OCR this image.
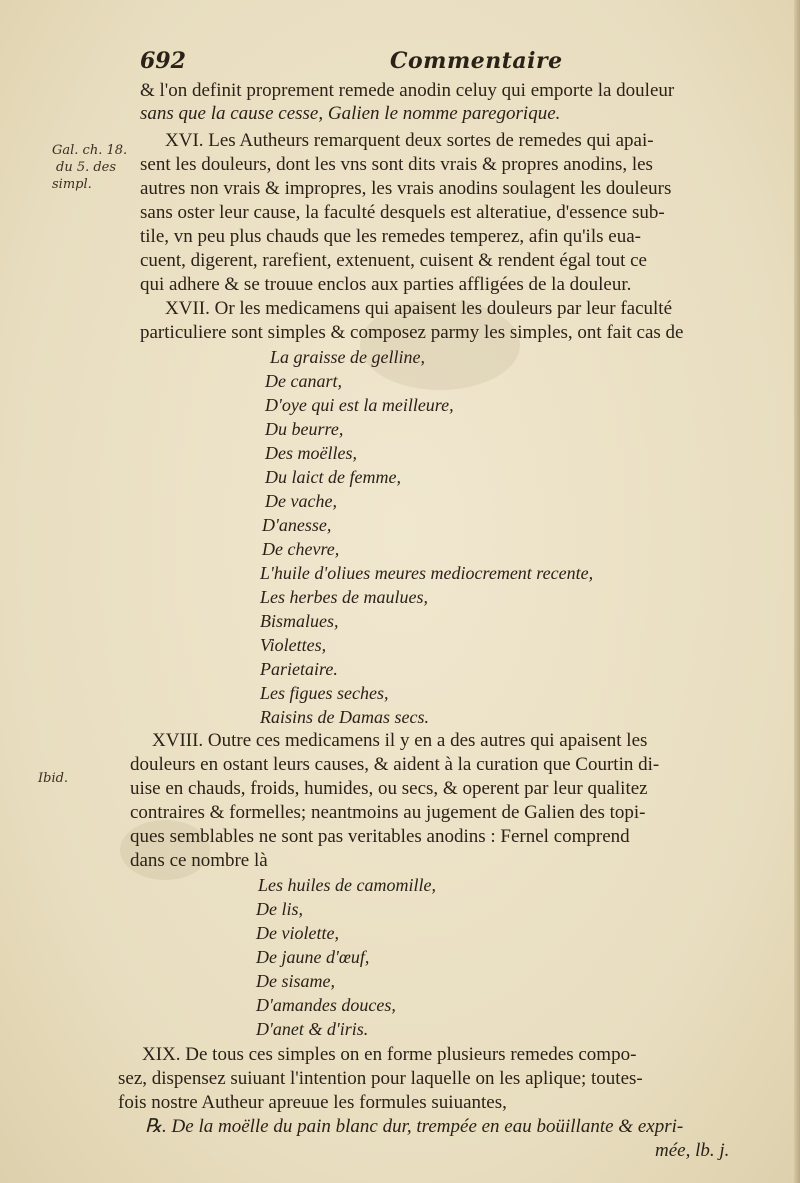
692	Commentaire
Gal. ch. 18.
du 5. des
simpl.
Ibid.
& l'on definit proprement remede anodin celuy qui emporte la douleur
sans que la cause cesse, Galien le nomme paregorique.
XVI. Les Autheurs remarquent deux sortes de remedes qui apai-
sent les douleurs, dont les vns sont dits vrais & propres anodins, les
autres non vrais & impropres, les vrais anodins soulagent les douleurs
sans oster leur cause, la faculté desquels est alteratiue, d'essence sub-
tile, vn peu plus chauds que les remedes temperez, afin qu'ils eua-
cuent, digerent, rarefient, extenuent, cuisent & rendent égal tout ce
qui adhere & se trouue enclos aux parties affligées de la douleur.
XVII. Or les medicamens qui apaisent les douleurs par leur faculté
particuliere sont simples & composez parmy les simples, ont fait cas de
La graisse de gelline,
De canart,
D'oye qui est la meilleure,
Du beurre,
Des moëlles,
Du laict de femme,
De vache,
D'anesse,
De chevre,
L'huile d'oliues meures mediocrement recente,
Les herbes de maulues,
Bismalues,
Violettes,
Parietaire.
Les figues seches,
Raisins de Damas secs.
XVIII. Outre ces medicamens il y en a des autres qui apaisent les
douleurs en ostant leurs causes, & aident à la curation que Courtin di-
uise en chauds, froids, humides, ou secs, & operent par leur qualitez
contraires & formelles; neantmoins au jugement de Galien des topi-
ques semblables ne sont pas veritables anodins : Fernel comprend
dans ce nombre là
Les huiles de camomille,
De lis,
De violette,
De jaune d'œuf,
De sisame,
D'amandes douces,
D'anet & d'iris.
XIX. De tous ces simples on en forme plusieurs remedes compo-
sez, dispensez suiuant l'intention pour laquelle on les aplique; toutes-
fois nostre Autheur apreuue les formules suiuantes,
℞. De la moëlle du pain blanc dur, trempée en eau boüillante & expri-
mée, lb. j.
